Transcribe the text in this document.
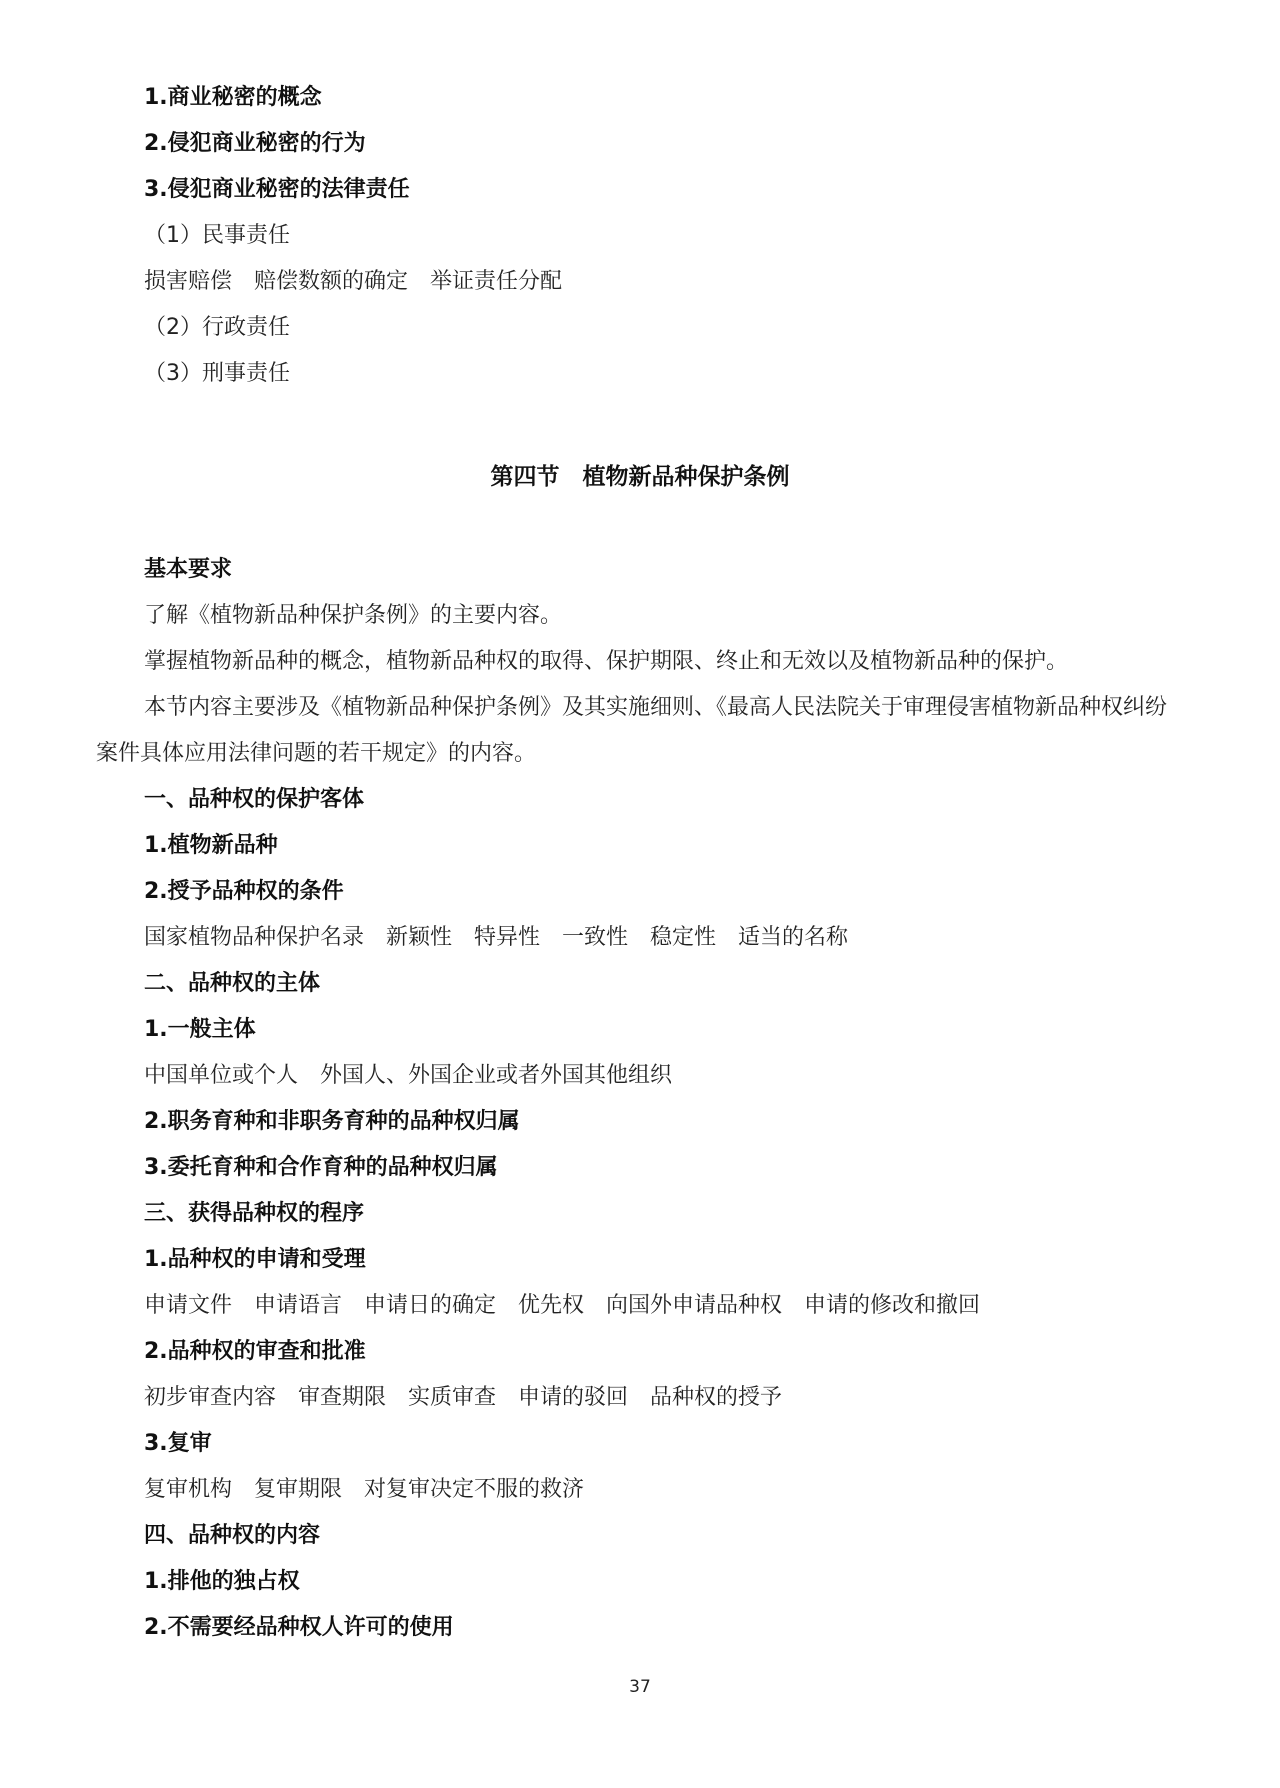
1.商业秘密的概念
2.侵犯商业秘密的行为
3.侵犯商业秘密的法律责任
（1）民事责任
损害赔偿　赔偿数额的确定　举证责任分配
（2）行政责任
（3）刑事责任
第四节　植物新品种保护条例
基本要求
了解《植物新品种保护条例》的主要内容。
掌握植物新品种的概念，植物新品种权的取得、保护期限、终止和无效以及植物新品种的保护。
本节内容主要涉及《植物新品种保护条例》及其实施细则、《最高人民法院关于审理侵害植物新品种权纠纷案件具体应用法律问题的若干规定》的内容。
一、品种权的保护客体
1.植物新品种
2.授予品种权的条件
国家植物品种保护名录　新颖性　特异性　一致性　稳定性　适当的名称
二、品种权的主体
1.一般主体
中国单位或个人　外国人、外国企业或者外国其他组织
2.职务育种和非职务育种的品种权归属
3.委托育种和合作育种的品种权归属
三、获得品种权的程序
1.品种权的申请和受理
申请文件　申请语言　申请日的确定　优先权　向国外申请品种权　申请的修改和撤回
2.品种权的审查和批准
初步审查内容　审查期限　实质审查　申请的驳回　品种权的授予
3.复审
复审机构　复审期限　对复审决定不服的救济
四、品种权的内容
1.排他的独占权
2.不需要经品种权人许可的使用
37
